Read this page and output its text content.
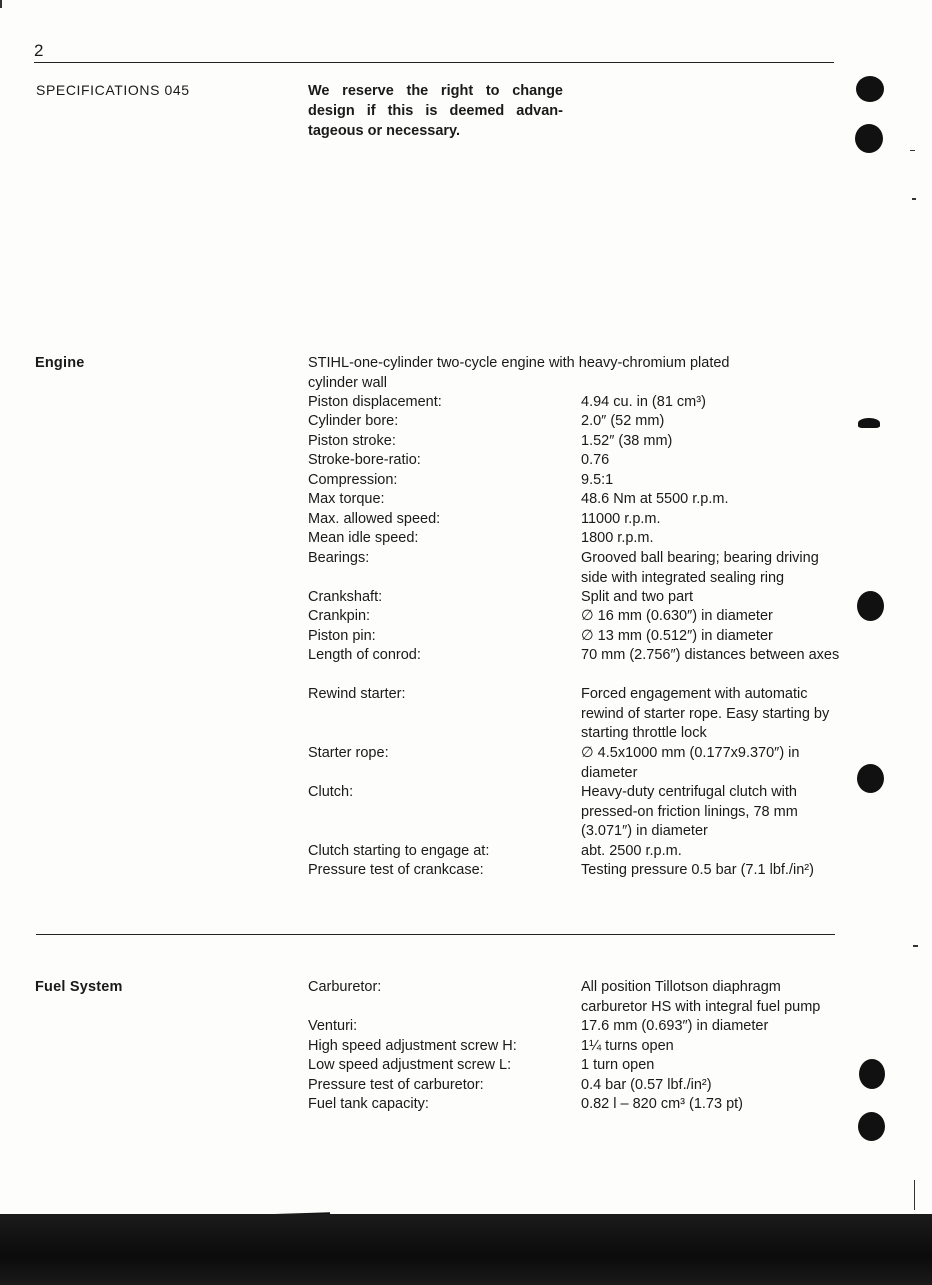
2
SPECIFICATIONS 045	We reserve the right to change design if this is deemed advan- tageous or necessary.
Engine	STIHL-one-cylinder two-cycle engine with heavy-chromium plated cylinder wall
Piston displacement:	4.94 cu. in (81 cm³)
Cylinder bore:	2.0″ (52 mm)
Piston stroke:	1.52″ (38 mm)
Stroke-bore-ratio:	0.76
Compression:	9.5:1
Max torque:	48.6 Nm at 5500 r.p.m.
Max. allowed speed:	11000 r.p.m.
Mean idle speed:	1800 r.p.m.
Bearings:	Grooved ball bearing; bearing driving side with integrated sealing ring
Crankshaft:	Split and two part
Crankpin:	∅ 16 mm (0.630″) in diameter
Piston pin:	∅ 13 mm (0.512″) in diameter
Length of conrod:	70 mm (2.756″) distances between axes
Rewind starter:	Forced engagement with automatic rewind of starter rope. Easy starting by starting throttle lock
Starter rope:	∅ 4.5x1000 mm (0.177x9.370″) in diameter
Clutch:	Heavy-duty centrifugal clutch with pressed-on friction linings, 78 mm (3.071″) in diameter
Clutch starting to engage at:	abt. 2500 r.p.m.
Pressure test of crankcase:	Testing pressure 0.5 bar (7.1 lbf./in²)
Fuel System	Carburetor:	All position Tillotson diaphragm carburetor HS with integral fuel pump
Venturi:	17.6 mm (0.693″) in diameter
High speed adjustment screw H:	1¼ turns open
Low speed adjustment screw L:	1 turn open
Pressure test of carburetor:	0.4 bar (0.57 lbf./in²)
Fuel tank capacity:	0.82 l – 820 cm³ (1.73 pt)
